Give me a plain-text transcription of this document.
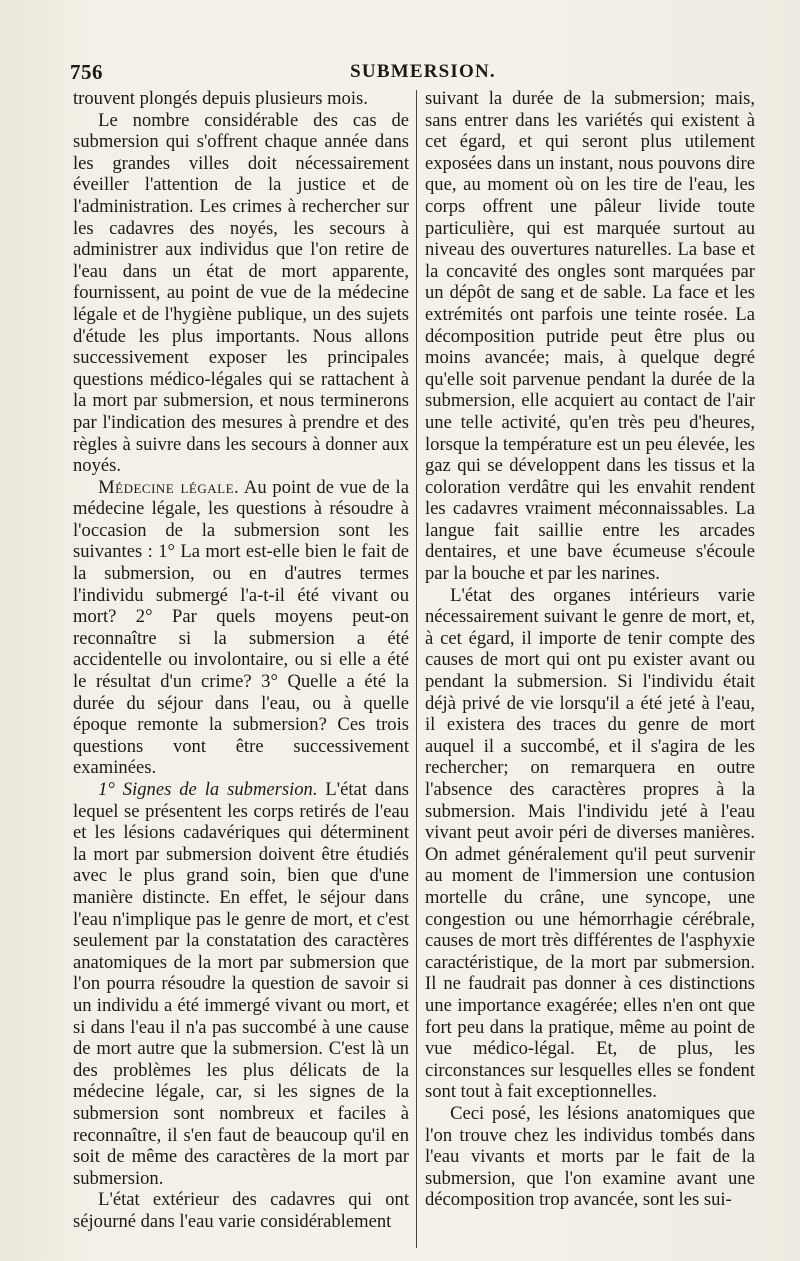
756	SUBMERSION.

trouvent plongés depuis plusieurs mois.

Le nombre considérable des cas de submersion qui s'offrent chaque année dans les grandes villes doit nécessairement éveiller l'attention de la justice et de l'administration. Les crimes à rechercher sur les cadavres des noyés, les secours à administrer aux individus que l'on retire de l'eau dans un état de mort apparente, fournissent, au point de vue de la médecine légale et de l'hygiène publique, un des sujets d'étude les plus importants. Nous allons successivement exposer les principales questions médico-légales qui se rattachent à la mort par submersion, et nous terminerons par l'indication des mesures à prendre et des règles à suivre dans les secours à donner aux noyés.

Médecine légale. Au point de vue de la médecine légale, les questions à résoudre à l'occasion de la submersion sont les suivantes : 1° La mort est-elle bien le fait de la submersion, ou en d'autres termes l'individu submergé l'a-t-il été vivant ou mort? 2° Par quels moyens peut-on reconnaître si la submersion a été accidentelle ou involontaire, ou si elle a été le résultat d'un crime? 3° Quelle a été la durée du séjour dans l'eau, ou à quelle époque remonte la submersion? Ces trois questions vont être successivement examinées.

1° Signes de la submersion. L'état dans lequel se présentent les corps retirés de l'eau et les lésions cadavériques qui déterminent la mort par submersion doivent être étudiés avec le plus grand soin, bien que d'une manière distincte. En effet, le séjour dans l'eau n'implique pas le genre de mort, et c'est seulement par la constatation des caractères anatomiques de la mort par submersion que l'on pourra résoudre la question de savoir si un individu a été immergé vivant ou mort, et si dans l'eau il n'a pas succombé à une cause de mort autre que la submersion. C'est là un des problèmes les plus délicats de la médecine légale, car, si les signes de la submersion sont nombreux et faciles à reconnaître, il s'en faut de beaucoup qu'il en soit de même des caractères de la mort par submersion.

L'état extérieur des cadavres qui ont séjourné dans l'eau varie considérablement

suivant la durée de la submersion; mais, sans entrer dans les variétés qui existent à cet égard, et qui seront plus utilement exposées dans un instant, nous pouvons dire que, au moment où on les tire de l'eau, les corps offrent une pâleur livide toute particulière, qui est marquée surtout au niveau des ouvertures naturelles. La base et la concavité des ongles sont marquées par un dépôt de sang et de sable. La face et les extrémités ont parfois une teinte rosée. La décomposition putride peut être plus ou moins avancée; mais, à quelque degré qu'elle soit parvenue pendant la durée de la submersion, elle acquiert au contact de l'air une telle activité, qu'en très peu d'heures, lorsque la température est un peu élevée, les gaz qui se développent dans les tissus et la coloration verdâtre qui les envahit rendent les cadavres vraiment méconnaissables. La langue fait saillie entre les arcades dentaires, et une bave écumeuse s'écoule par la bouche et par les narines.

L'état des organes intérieurs varie nécessairement suivant le genre de mort, et, à cet égard, il importe de tenir compte des causes de mort qui ont pu exister avant ou pendant la submersion. Si l'individu était déjà privé de vie lorsqu'il a été jeté à l'eau, il existera des traces du genre de mort auquel il a succombé, et il s'agira de les rechercher; on remarquera en outre l'absence des caractères propres à la submersion. Mais l'individu jeté à l'eau vivant peut avoir péri de diverses manières. On admet généralement qu'il peut survenir au moment de l'immersion une contusion mortelle du crâne, une syncope, une congestion ou une hémorrhagie cérébrale, causes de mort très différentes de l'asphyxie caractéristique, de la mort par submersion. Il ne faudrait pas donner à ces distinctions une importance exagérée; elles n'en ont que fort peu dans la pratique, même au point de vue médico-légal. Et, de plus, les circonstances sur lesquelles elles se fondent sont tout à fait exceptionnelles.

Ceci posé, les lésions anatomiques que l'on trouve chez les individus tombés dans l'eau vivants et morts par le fait de la submersion, que l'on examine avant une décomposition trop avancée, sont les sui-
